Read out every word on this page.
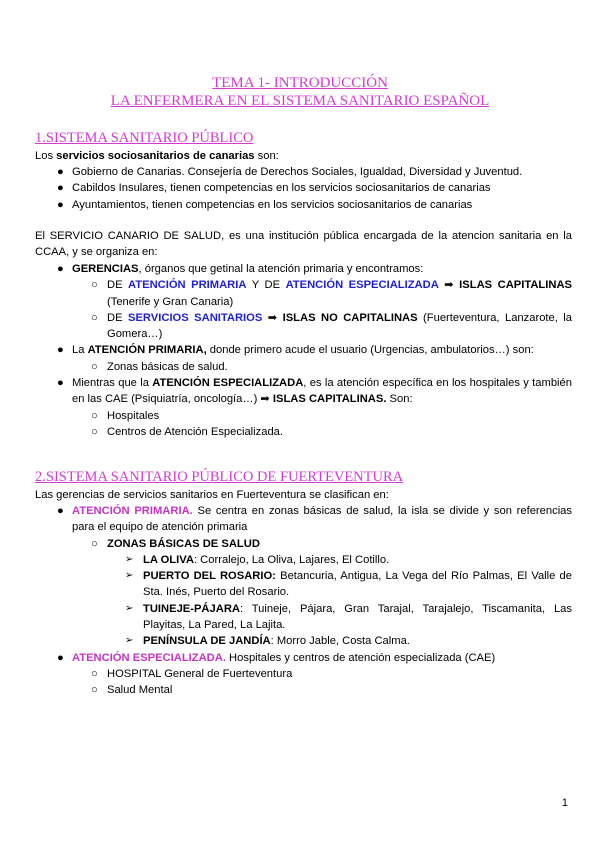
TEMA 1- INTRODUCCIÓN
LA ENFERMERA EN EL SISTEMA SANITARIO ESPAÑOL
1.SISTEMA SANITARIO PÚBLICO
Los servicios sociosanitarios de canarias son:
● Gobierno de Canarias. Consejería de Derechos Sociales, Igualdad, Diversidad y Juventud.
● Cabildos Insulares, tienen competencias en los servicios sociosanitarios de canarias
● Ayuntamientos, tienen competencias en los servicios sociosanitarios de canarias
El SERVICIO CANARIO DE SALUD, es una institución pública encargada de la atencion sanitaria en la CCAA, y se organiza en:
● GERENCIAS, órganos que getinal la atención primaria y encontramos:
○ DE ATENCIÓN PRIMARIA Y DE ATENCIÓN ESPECIALIZADA ➡ ISLAS CAPITALINAS (Tenerife y Gran Canaria)
○ DE SERVICIOS SANITARIOS ➡ ISLAS NO CAPITALINAS (Fuerteventura, Lanzarote, la Gomera…)
● La ATENCIÓN PRIMARIA, donde primero acude el usuario (Urgencias, ambulatorios…) son:
○ Zonas básicas de salud.
● Mientras que la ATENCIÓN ESPECIALIZADA, es la atención específica en los hospitales y también en las CAE (Psiquiatría, oncología…) ➡ ISLAS CAPITALINAS. Son:
○ Hospitales
○ Centros de Atención Especializada.
2.SISTEMA SANITARIO PÚBLICO DE FUERTEVENTURA
Las gerencias de servicios sanitarios en Fuerteventura se clasifican en:
● ATENCIÓN PRIMARIA. Se centra en zonas básicas de salud, la isla se divide y son referencias para el equipo de atención primaria
○ ZONAS BÁSICAS DE SALUD
➢ LA OLIVA: Corralejo, La Oliva, Lajares, El Cotillo.
➢ PUERTO DEL ROSARIO: Betancuria, Antigua, La Vega del Río Palmas, El Valle de Sta. Inés, Puerto del Rosario.
➢ TUINEJE-PÁJARA: Tuineje, Pájara, Gran Tarajal, Tarajalejo, Tiscamanita, Las Playitas, La Pared, La Lajita.
➢ PENÍNSULA DE JANDÍA: Morro Jable, Costa Calma.
● ATENCIÓN ESPECIALIZADA. Hospitales y centros de atención especializada (CAE)
○ HOSPITAL General de Fuerteventura
○ Salud Mental
1
